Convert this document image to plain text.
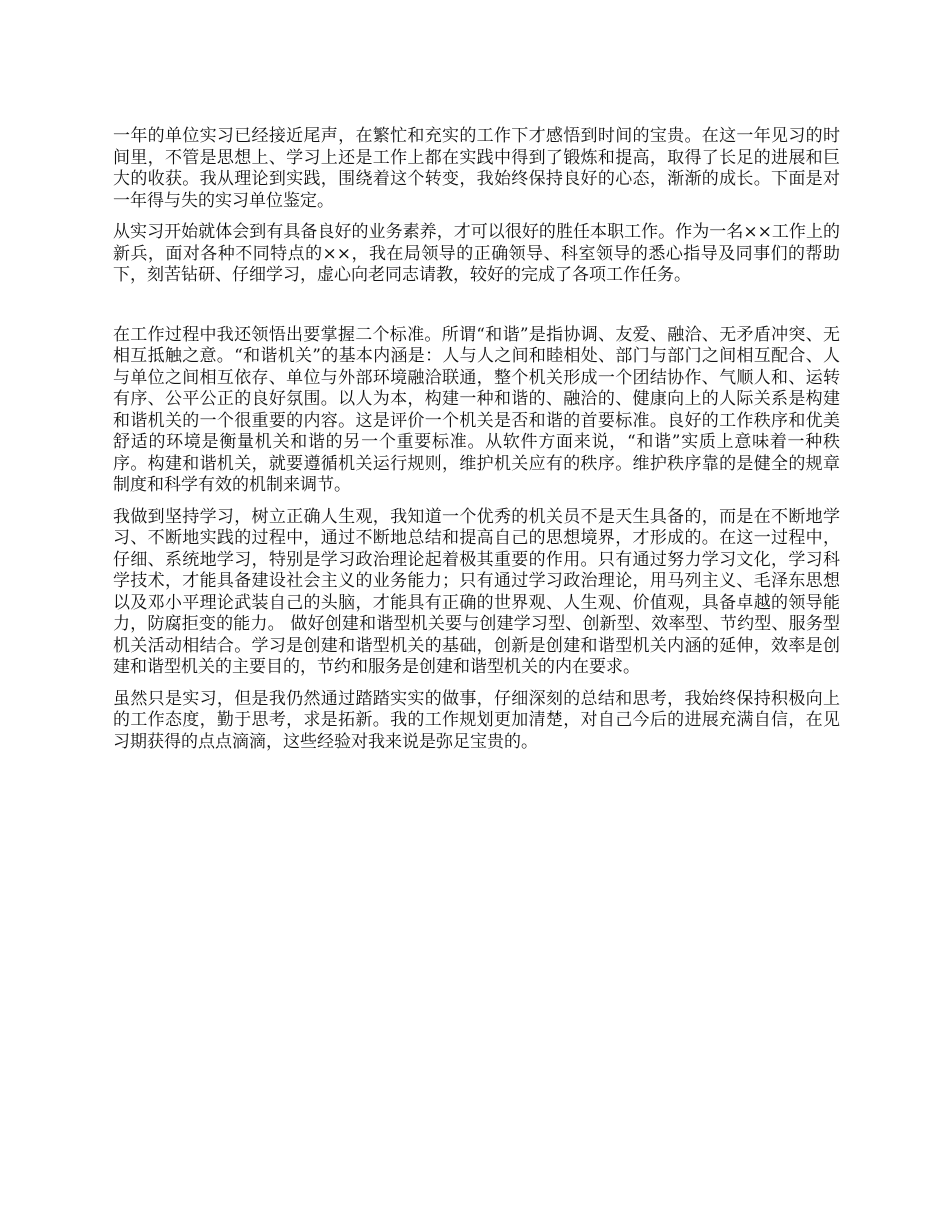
一年的单位实习已经接近尾声，在繁忙和充实的工作下才感悟到时间的宝贵。在这一年见习的时间里，不管是思想上、学习上还是工作上都在实践中得到了锻炼和提高，取得了长足的进展和巨大的收获。我从理论到实践，围绕着这个转变，我始终保持良好的心态，渐渐的成长。下面是对一年得与失的实习单位鉴定。

从实习开始就体会到有具备良好的业务素养，才可以很好的胜任本职工作。作为一名××工作上的新兵，面对各种不同特点的××，我在局领导的正确领导、科室领导的悉心指导及同事们的帮助下，刻苦钻研、仔细学习，虚心向老同志请教，较好的完成了各项工作任务。

在工作过程中我还领悟出要掌握二个标准。所谓“和谐”是指协调、友爱、融洽、无矛盾冲突、无相互抵触之意。“和谐机关”的基本内涵是：人与人之间和睦相处、部门与部门之间相互配合、人与单位之间相互依存、单位与外部环境融洽联通，整个机关形成一个团结协作、气顺人和、运转有序、公平公正的良好氛围。以人为本，构建一种和谐的、融洽的、健康向上的人际关系是构建和谐机关的一个很重要的内容。这是评价一个机关是否和谐的首要标准。良好的工作秩序和优美舒适的环境是衡量机关和谐的另一个重要标准。从软件方面来说，“和谐”实质上意味着一种秩序。构建和谐机关，就要遵循机关运行规则，维护机关应有的秩序。维护秩序靠的是健全的规章制度和科学有效的机制来调节。

我做到坚持学习，树立正确人生观，我知道一个优秀的机关员不是天生具备的，而是在不断地学习、不断地实践的过程中，通过不断地总结和提高自己的思想境界，才形成的。在这一过程中，仔细、系统地学习，特别是学习政治理论起着极其重要的作用。只有通过努力学习文化，学习科学技术，才能具备建设社会主义的业务能力；只有通过学习政治理论，用马列主义、毛泽东思想以及邓小平理论武装自己的头脑，才能具有正确的世界观、人生观、价值观，具备卓越的领导能力，防腐拒变的能力。 做好创建和谐型机关要与创建学习型、创新型、效率型、节约型、服务型机关活动相结合。学习是创建和谐型机关的基础，创新是创建和谐型机关内涵的延伸，效率是创建和谐型机关的主要目的，节约和服务是创建和谐型机关的内在要求。

虽然只是实习，但是我仍然通过踏踏实实的做事，仔细深刻的总结和思考，我始终保持积极向上的工作态度，勤于思考，求是拓新。我的工作规划更加清楚，对自己今后的进展充满自信，在见习期获得的点点滴滴，这些经验对我来说是弥足宝贵的。
